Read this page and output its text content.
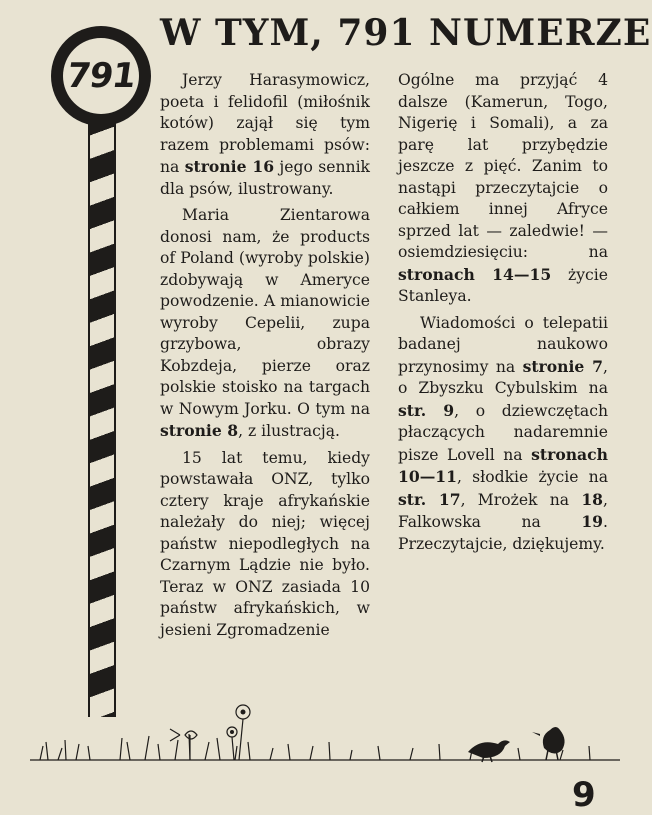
W TYM, 791 NUMERZE
791	Jerzy Harasymowicz, poeta i felidofil (miłośnik kotów) zajął się tym razem problemami psów: na stronie 16 jego sennik dla psów, ilustrowany.

Maria Zientarowa donosi nam, że products of Poland (wyroby polskie) zdobywają w Ameryce powodzenie. A mianowicie wyroby Cepelii, zupa grzybowa, obrazy Kobzdeja, pierze oraz polskie stoisko na targach w Nowym Jorku. O tym na stronie 8, z ilustracją.

15 lat temu, kiedy powstawała ONZ, tylko cztery kraje afrykańskie należały do niej; więcej państw niepodległych na Czarnym Lądzie nie było. Teraz w ONZ zasiada 10 państw afrykańskich, w jesieni Zgromadzenie

Ogólne ma przyjąć 4 dalsze (Kamerun, Togo, Nigerię i Somali), a za parę lat przybędzie jeszcze z pięć. Zanim to nastąpi przeczytajcie o całkiem innej Afryce sprzed lat — zaledwie! — osiemdziesięciu: na stronach 14—15 życie Stanleya.

Wiadomości o telepatii badanej naukowo przynosimy na stronie 7, o Zbyszku Cybulskim na str. 9, o dziewczętach płaczących nadaremnie pisze Lovell na stronach 10—11, słodkie życie na str. 17, Mrożek na 18, Falkowska na 19. Przeczytajcie, dziękujemy.

9
